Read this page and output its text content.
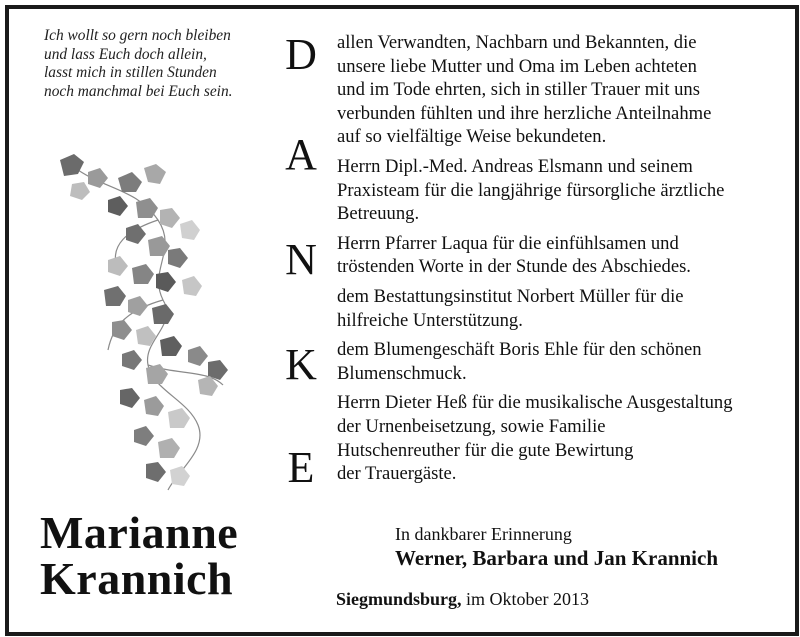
Ich wollt so gern noch bleiben
und lass Euch doch allein,
lasst mich in stillen Stunden
noch manchmal bei Euch sein.
D
A
N
K
E
allen Verwandten, Nachbarn und Bekannten, die
unsere liebe Mutter und Oma im Leben achteten
und im Tode ehrten, sich in stiller Trauer mit uns
verbunden fühlten und ihre herzliche Anteilnahme
auf so vielfältige Weise bekundeten.
Herrn Dipl.-Med. Andreas Elsmann und seinem
Praxisteam für die langjährige fürsorgliche ärztliche
Betreuung.
Herrn Pfarrer Laqua für die einfühlsamen und
tröstenden Worte in der Stunde des Abschiedes.
dem Bestattungsinstitut Norbert Müller für die
hilfreiche Unterstützung.
dem Blumengeschäft Boris Ehle für den schönen
Blumenschmuck.
Herrn Dieter Heß für die musikalische Ausgestaltung
der Urnenbeisetzung, sowie Familie
Hutschenreuther für die gute Bewirtung
der Trauergäste.
Marianne
Krannich
In dankbarer Erinnerung
Werner, Barbara und Jan Krannich
Siegmundsburg, im Oktober 2013
